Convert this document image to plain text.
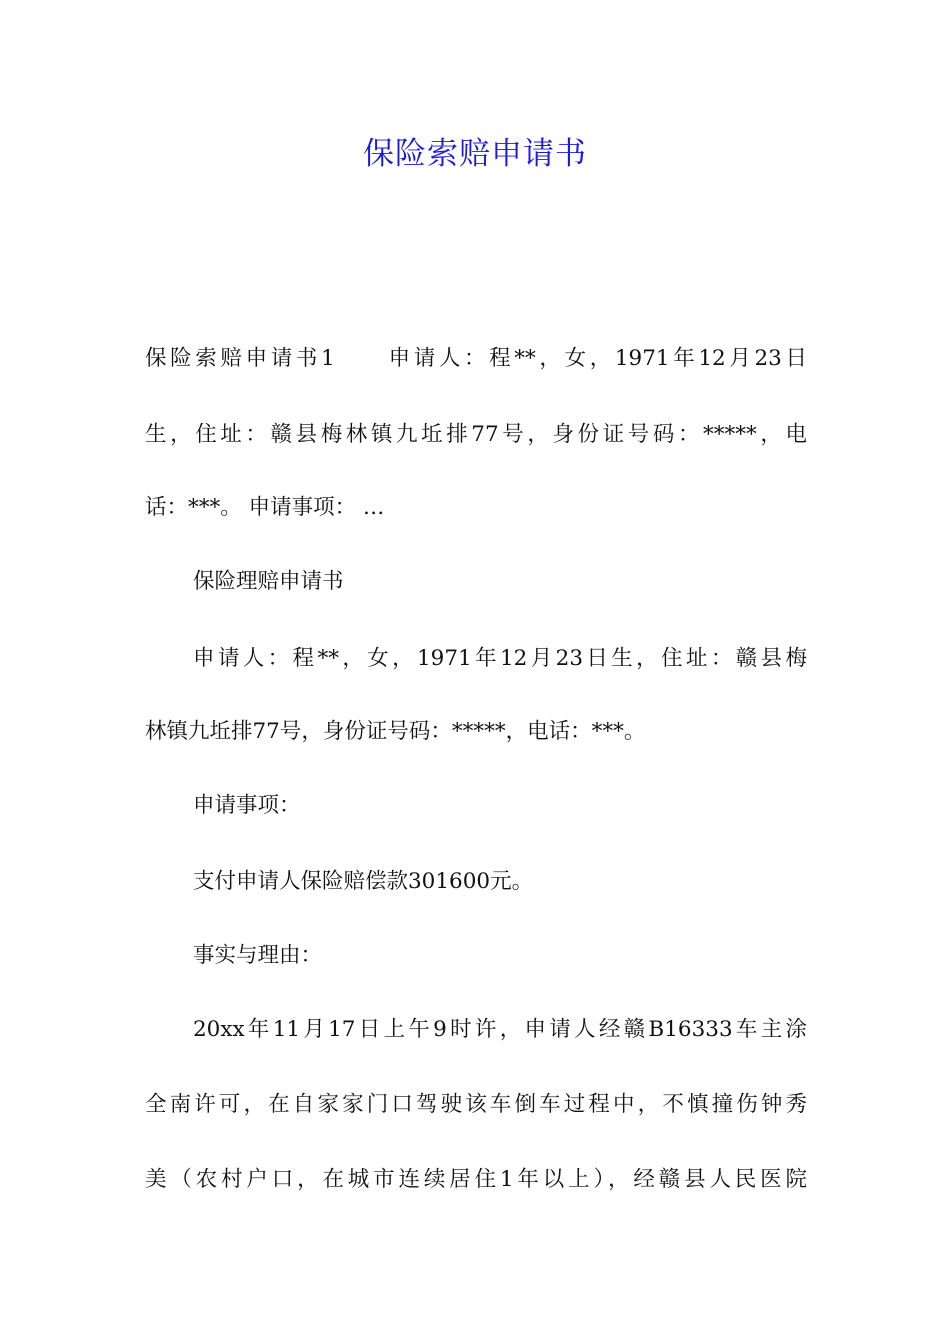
保险索赔申请书
保险索赔申请书1　　申请人：程**，女，1971年12月23日
生，住址：赣县梅林镇九坵排77号，身份证号码：*****，电
话：***。 申请事项： …
保险理赔申请书
申请人：程**，女，1971年12月23日生，住址：赣县梅
林镇九坵排77号，身份证号码：*****，电话：***。
申请事项：
支付申请人保险赔偿款301600元。
事实与理由：
20xx年11月17日上午9时许，申请人经赣B16333车主涂
全南许可，在自家家门口驾驶该车倒车过程中，不慎撞伤钟秀
美（农村户口，在城市连续居住1年以上），经赣县人民医院
